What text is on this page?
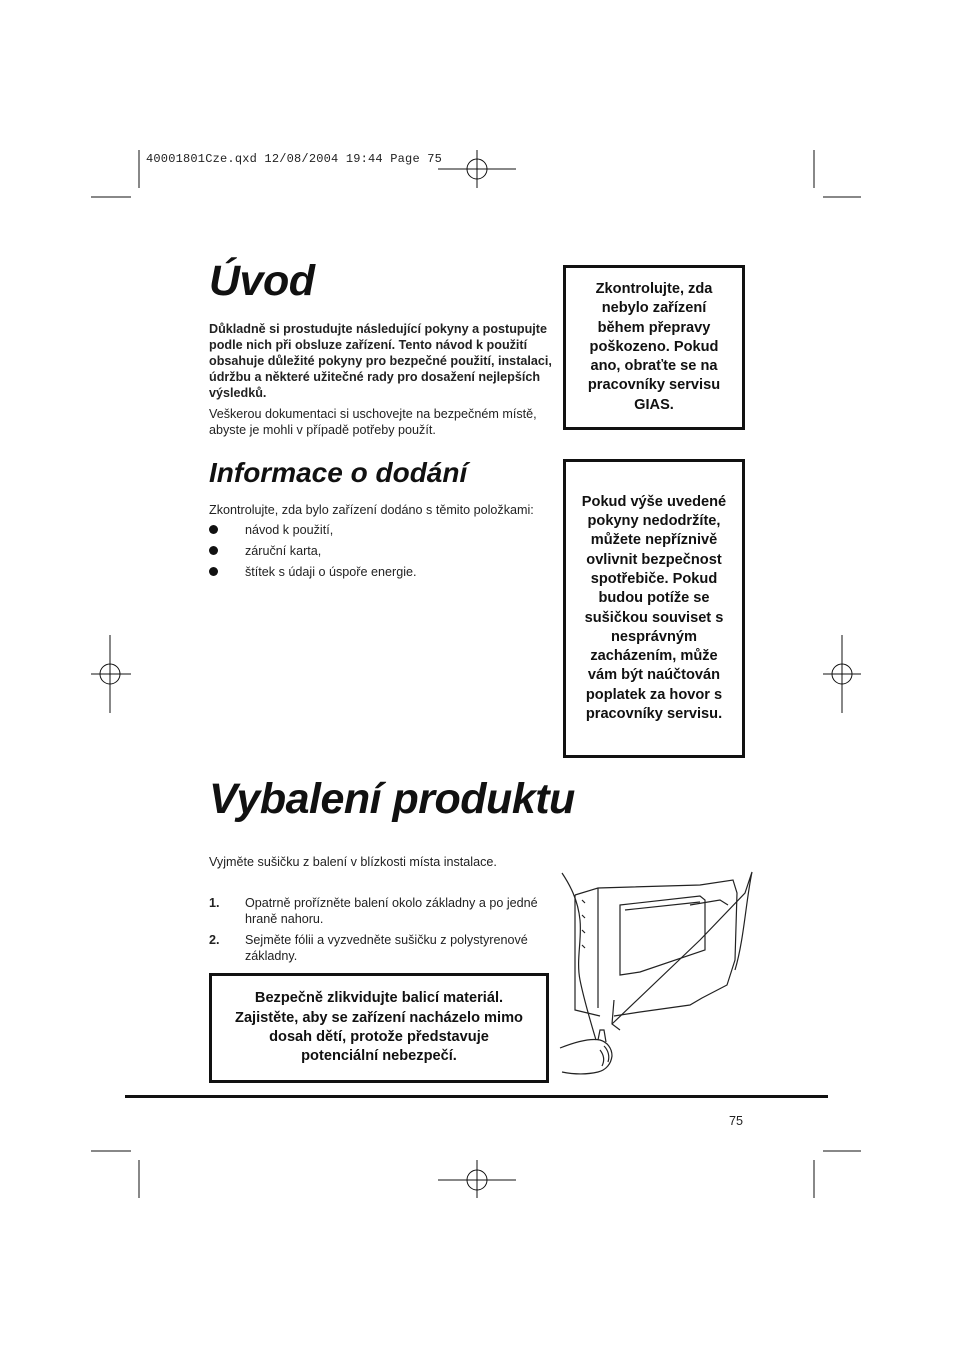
40001801Cze.qxd 12/08/2004 19:44 Page 75
Úvod

Důkladně si prostudujte následující pokyny a postupujte podle nich při obsluze zařízení. Tento návod k použití obsahuje důležité pokyny pro bezpečné použití, instalaci, údržbu a některé užitečné rady pro dosažení nejlepších výsledků.

Veškerou dokumentaci si uschovejte na bezpečném místě, abyste je mohli v případě potřeby použít.

Zkontrolujte, zda nebylo zařízení během přepravy poškozeno. Pokud ano, obraťte se na pracovníky servisu GIAS.
Informace o dodání

Zkontrolujte, zda bylo zařízení dodáno s těmito položkami:

návod k použití,
záruční karta,
štítek s údaji o úspoře energie.
Pokud výše uvedené pokyny nedodržíte, můžete nepříznivě ovlivnit bezpečnost spotřebiče. Pokud budou potíže se sušičkou souviset s nesprávným zacházením, může vám být naúčtován poplatek za hovor s pracovníky servisu.
Vybalení produktu

Vyjměte sušičku z balení v blízkosti místa instalace.

1. Opatrně prořízněte balení okolo základny a po jedné hraně nahoru.
2. Sejměte fólii a vyzvedněte sušičku z polystyrenové základny.
Bezpečně zlikvidujte balicí materiál. Zajistěte, aby se zařízení nacházelo mimo dosah dětí, protože představuje potenciální nebezpečí.
75
